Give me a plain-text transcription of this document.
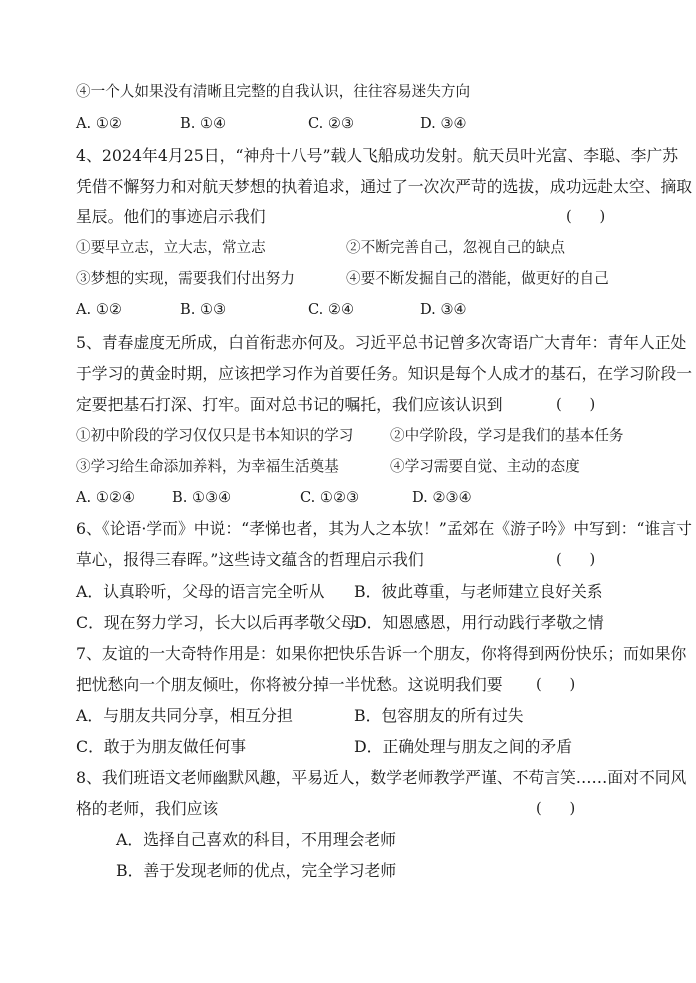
④一个人如果没有清晰且完整的自我认识，往往容易迷失方向
A. ①②	B. ①④	C. ②③	D. ③④
4、2024年4月25日，“神舟十八号”载人飞船成功发射。航天员叶光富、李聪、李广苏
凭借不懈努力和对航天梦想的执着追求，通过了一次次严苛的选拔，成功远赴太空、摘取
星辰。他们的事迹启示我们	(      )
①要早立志，立大志，常立志	②不断完善自己，忽视自己的缺点
③梦想的实现，需要我们付出努力	④要不断发掘自己的潜能，做更好的自己
A. ①②	B. ①③	C. ②④	D. ③④
5、青春虚度无所成，白首衔悲亦何及。习近平总书记曾多次寄语广大青年：青年人正处
于学习的黄金时期，应该把学习作为首要任务。知识是每个人成才的基石，在学习阶段一
定要把基石打深、打牢。面对总书记的嘱托，我们应该认识到	(      )
①初中阶段的学习仅仅只是书本知识的学习	②中学阶段，学习是我们的基本任务
③学习给生命添加养料，为幸福生活奠基	④学习需要自觉、主动的态度
A. ①②④	B. ①③④	C. ①②③	D. ②③④
6、《论语·学而》中说：“孝悌也者，其为人之本欤！”孟郊在《游子吟》中写到：“谁言寸
草心，报得三春晖。”这些诗文蕴含的哲理启示我们	(      )
A．认真聆听，父母的语言完全听从 B．彼此尊重，与老师建立良好关系
C．现在努力学习，长大以后再孝敬父母
D．知恩感恩，用行动践行孝敬之情
7、友谊的一大奇特作用是：如果你把快乐告诉一个朋友，你将得到两份快乐；而如果你
把忧愁向一个朋友倾吐，你将被分掉一半忧愁。这说明我们要 (      )
A．与朋友共同分享，相互分担	B．包容朋友的所有过失
C．敢于为朋友做任何事	D．正确处理与朋友之间的矛盾
8、我们班语文老师幽默风趣，平易近人，数学老师教学严谨、不苟言笑……面对不同风
格的老师，我们应该	(      )
A．选择自己喜欢的科目，不用理会老师
B．善于发现老师的优点，完全学习老师
